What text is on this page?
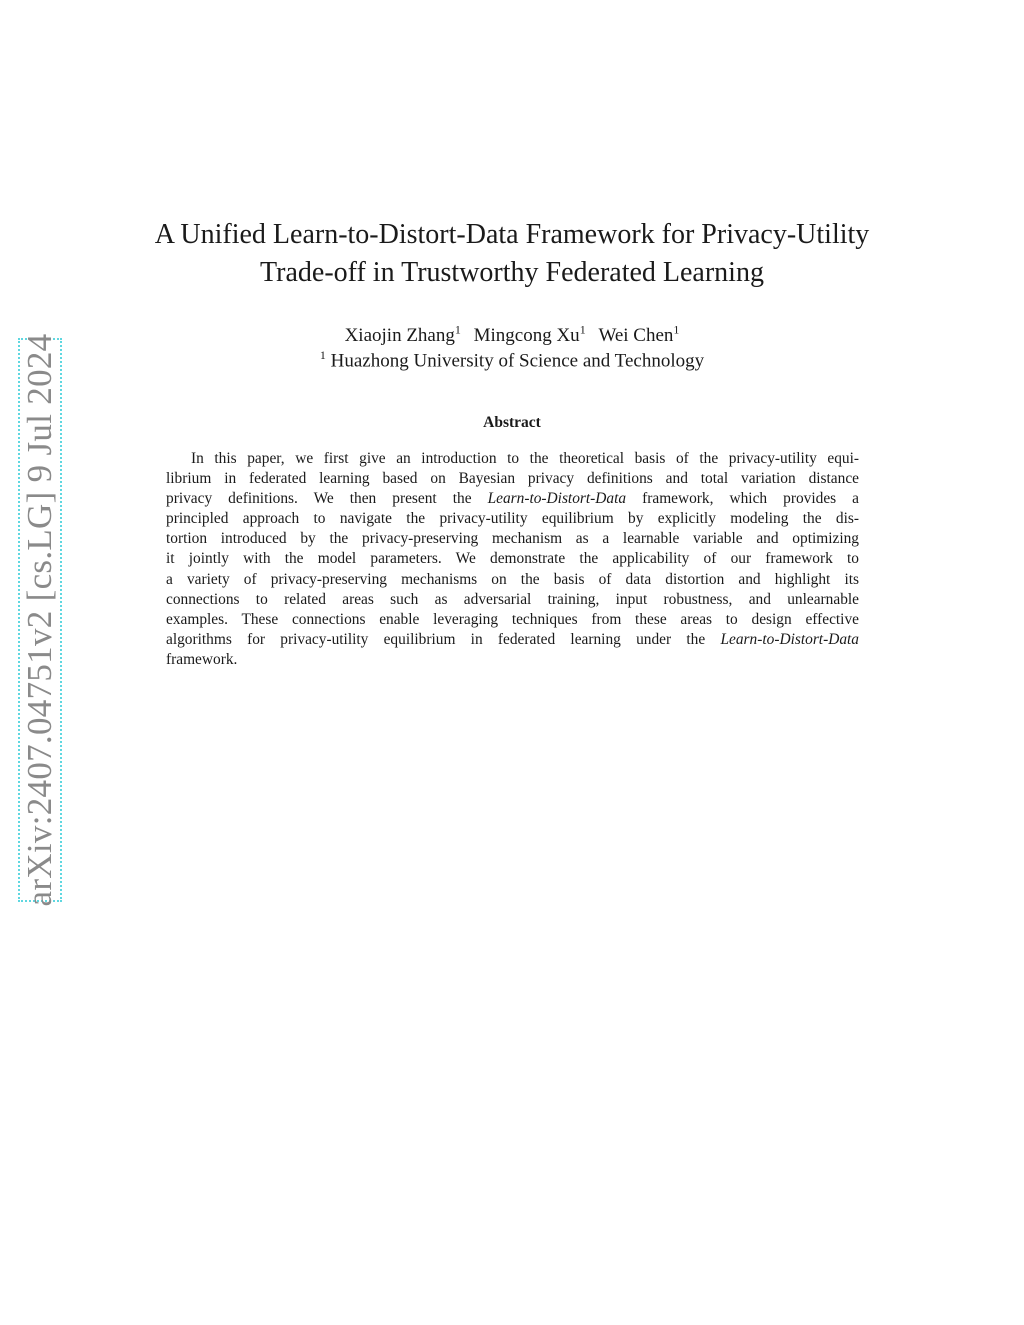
arXiv:2407.04751v2 [cs.LG] 9 Jul 2024
A Unified Learn-to-Distort-Data Framework for Privacy-Utility
Trade-off in Trustworthy Federated Learning
Xiaojin Zhang$^1$ Mingcong Xu$^1$ Wei Chen$^1$
$^1$ Huazhong University of Science and Technology
Abstract
In this paper, we first give an introduction to the theoretical basis of the privacy-utility equi-
librium in federated learning based on Bayesian privacy definitions and total variation distance
privacy definitions. We then present the Learn-to-Distort-Data framework, which provides a
principled approach to navigate the privacy-utility equilibrium by explicitly modeling the dis-
tortion introduced by the privacy-preserving mechanism as a learnable variable and optimizing
it jointly with the model parameters. We demonstrate the applicability of our framework to
a variety of privacy-preserving mechanisms on the basis of data distortion and highlight its
connections to related areas such as adversarial training, input robustness, and unlearnable
examples. These connections enable leveraging techniques from these areas to design effective
algorithms for privacy-utility equilibrium in federated learning under the Learn-to-Distort-Data
framework.
